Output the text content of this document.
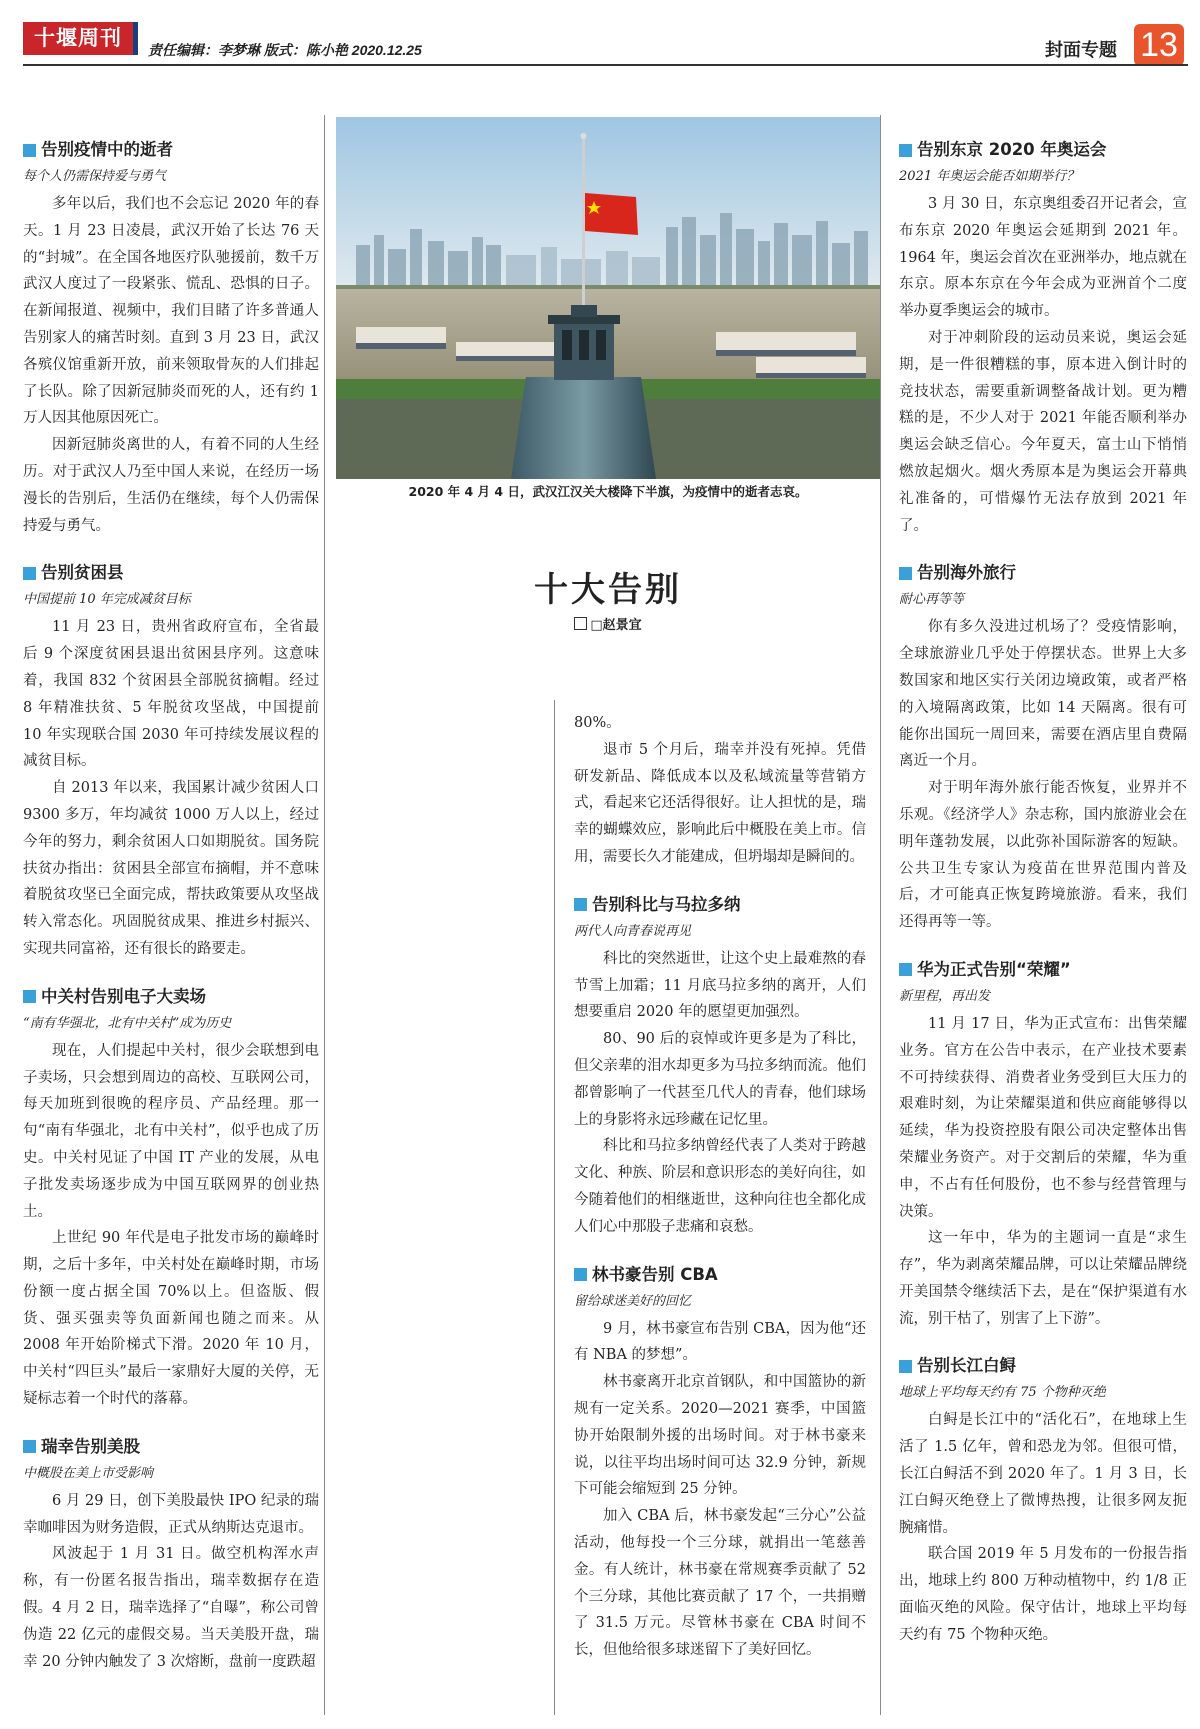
十堰周刊	责任编辑：李梦琳 版式：陈小艳 2020.12.25	封面专题 13
告别疫情中的逝者
每个人仍需保持爱与勇气

多年以后，我们也不会忘记 2020 年的春天。1 月 23 日凌晨，武汉开始了长达 76 天的“封城”。在全国各地医疗队驰援前，数千万武汉人度过了一段紧张、慌乱、恐惧的日子。在新闻报道、视频中，我们目睹了许多普通人告别家人的痛苦时刻。直到 3 月 23 日，武汉各殡仪馆重新开放，前来领取骨灰的人们排起了长队。除了因新冠肺炎而死的人，还有约 1 万人因其他原因死亡。

因新冠肺炎离世的人，有着不同的人生经历。对于武汉人乃至中国人来说，在经历一场漫长的告别后，生活仍在继续，每个人仍需保持爱与勇气。

告别贫困县
中国提前 10 年完成减贫目标

11 月 23 日，贵州省政府宣布，全省最后 9 个深度贫困县退出贫困县序列。这意味着，我国 832 个贫困县全部脱贫摘帽。经过 8 年精准扶贫、5 年脱贫攻坚战，中国提前 10 年实现联合国 2030 年可持续发展议程的减贫目标。

自 2013 年以来，我国累计减少贫困人口 9300 多万，年均减贫 1000 万人以上，经过今年的努力，剩余贫困人口如期脱贫。国务院扶贫办指出：贫困县全部宣布摘帽，并不意味着脱贫攻坚已全面完成，帮扶政策要从攻坚战转入常态化。巩固脱贫成果、推进乡村振兴、实现共同富裕，还有很长的路要走。

中关村告别电子大卖场
“南有华强北，北有中关村”成为历史

现在，人们提起中关村，很少会联想到电子卖场，只会想到周边的高校、互联网公司，每天加班到很晚的程序员、产品经理。那一句“南有华强北，北有中关村”，似乎也成了历史。中关村见证了中国 IT 产业的发展，从电子批发卖场逐步成为中国互联网界的创业热土。

上世纪 90 年代是电子批发市场的巅峰时期，之后十多年，中关村处在巅峰时期，市场份额一度占据全国 70%以上。但盗版、假货、强买强卖等负面新闻也随之而来。从 2008 年开始阶梯式下滑。2020 年 10 月，中关村“四巨头”最后一家鼎好大厦的关停，无疑标志着一个时代的落幕。

瑞幸告别美股
中概股在美上市受影响

6 月 29 日，创下美股最快 IPO 纪录的瑞幸咖啡因为财务造假，正式从纳斯达克退市。

风波起于 1 月 31 日。做空机构浑水声称，有一份匿名报告指出，瑞幸数据存在造假。4 月 2 日，瑞幸选择了“自曝”，称公司曾伪造 22 亿元的虚假交易。当天美股开盘，瑞幸 20 分钟内触发了 3 次熔断，盘前一度跌超

2020 年 4 月 4 日，武汉江汉关大楼降下半旗，为疫情中的逝者志哀。
十大告别
□赵景宜

80%。

退市 5 个月后，瑞幸并没有死掉。凭借研发新品、降低成本以及私域流量等营销方式，看起来它还活得很好。让人担忧的是，瑞幸的蝴蝶效应，影响此后中概股在美上市。信用，需要长久才能建成，但坍塌却是瞬间的。

告别科比与马拉多纳
两代人向青春说再见

科比的突然逝世，让这个史上最难熬的春节雪上加霜；11 月底马拉多纳的离开，人们想要重启 2020 年的愿望更加强烈。

80、90 后的哀悼或许更多是为了科比，但父亲辈的泪水却更多为马拉多纳而流。他们都曾影响了一代甚至几代人的青春，他们球场上的身影将永远珍藏在记忆里。

科比和马拉多纳曾经代表了人类对于跨越文化、种族、阶层和意识形态的美好向往，如今随着他们的相继逝世，这种向往也全都化成人们心中那股子悲痛和哀愁。

林书豪告别 CBA
留给球迷美好的回忆

9 月，林书豪宣布告别 CBA，因为他“还有 NBA 的梦想”。

林书豪离开北京首钢队，和中国篮协的新规有一定关系。2020—2021 赛季，中国篮协开始限制外援的出场时间。对于林书豪来说，以往平均出场时间可达 32.9 分钟，新规下可能会缩短到 25 分钟。

加入 CBA 后，林书豪发起“三分心”公益活动，他每投一个三分球，就捐出一笔慈善金。有人统计，林书豪在常规赛季贡献了 52 个三分球，其他比赛贡献了 17 个，一共捐赠了 31.5 万元。尽管林书豪在 CBA 时间不长，但他给很多球迷留下了美好回忆。

告别东京 2020 年奥运会
2021 年奥运会能否如期举行？

3 月 30 日，东京奥组委召开记者会，宣布东京 2020 年奥运会延期到 2021 年。1964 年，奥运会首次在亚洲举办，地点就在东京。原本东京在今年会成为亚洲首个二度举办夏季奥运会的城市。

对于冲刺阶段的运动员来说，奥运会延期，是一件很糟糕的事，原本进入倒计时的竞技状态，需要重新调整备战计划。更为糟糕的是，不少人对于 2021 年能否顺利举办奥运会缺乏信心。今年夏天，富士山下悄悄燃放起烟火。烟火秀原本是为奥运会开幕典礼准备的，可惜爆竹无法存放到 2021 年了。

告别海外旅行
耐心再等等

你有多久没进过机场了？受疫情影响，全球旅游业几乎处于停摆状态。世界上大多数国家和地区实行关闭边境政策，或者严格的入境隔离政策，比如 14 天隔离。很有可能你出国玩一周回来，需要在酒店里自费隔离近一个月。

对于明年海外旅行能否恢复，业界并不乐观。《经济学人》杂志称，国内旅游业会在明年蓬勃发展，以此弥补国际游客的短缺。公共卫生专家认为疫苗在世界范围内普及后，才可能真正恢复跨境旅游。看来，我们还得再等一等。

华为正式告别“荣耀”
新里程，再出发

11 月 17 日，华为正式宣布：出售荣耀业务。官方在公告中表示，在产业技术要素不可持续获得、消费者业务受到巨大压力的艰难时刻，为让荣耀渠道和供应商能够得以延续，华为投资控股有限公司决定整体出售荣耀业务资产。对于交割后的荣耀，华为重申，不占有任何股份，也不参与经营管理与决策。

这一年中，华为的主题词一直是“求生存”，华为剥离荣耀品牌，可以让荣耀品牌绕开美国禁令继续活下去，是在“保护渠道有水流，别干枯了，别害了上下游”。

告别长江白鲟
地球上平均每天约有 75 个物种灭绝

白鲟是长江中的“活化石”，在地球上生活了 1.5 亿年，曾和恐龙为邻。但很可惜，长江白鲟活不到 2020 年了。1 月 3 日，长江白鲟灭绝登上了微博热搜，让很多网友扼腕痛惜。

联合国 2019 年 5 月发布的一份报告指出，地球上约 800 万种动植物中，约 1/8 正面临灭绝的风险。保守估计，地球上平均每天约有 75 个物种灭绝。
